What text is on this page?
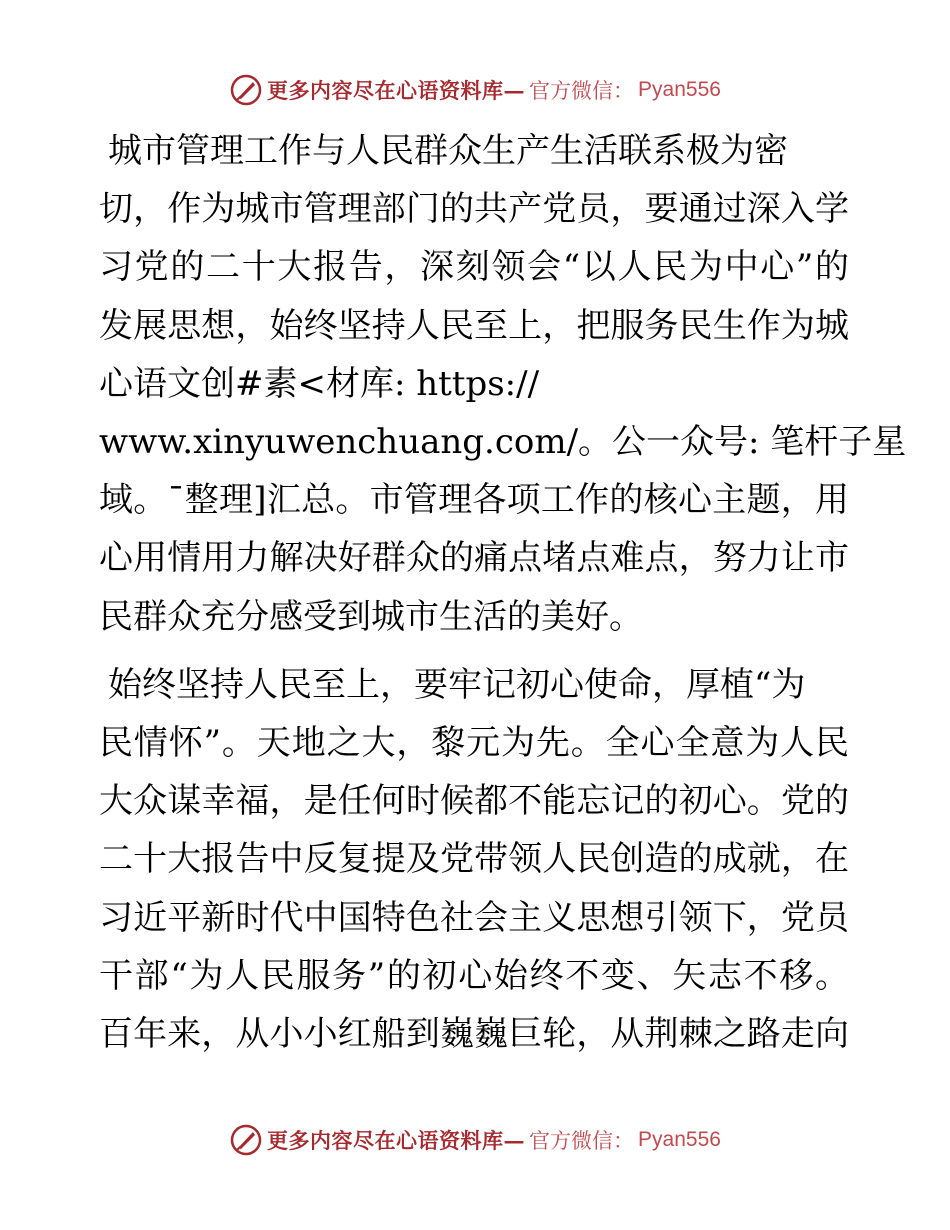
更多内容尽在心语资料库— 官方微信： Pyan556
城市管理工作与人民群众生产生活联系极为密
切，作为城市管理部门的共产党员，要通过深入学
习党的二十大报告，深刻领会“以人民为中心”的
发展思想，始终坚持人民至上，把服务民生作为城
心语文创#素<材库: https://
www.xinyuwenchuang.com/。公一众号: 笔杆子星
域。¯整理]汇总。市管理各项工作的核心主题，用
心用情用力解决好群众的痛点堵点难点，努力让市
民群众充分感受到城市生活的美好。
始终坚持人民至上，要牢记初心使命，厚植“为
民情怀”。天地之大，黎元为先。全心全意为人民
大众谋幸福，是任何时候都不能忘记的初心。党的
二十大报告中反复提及党带领人民创造的成就，在
习近平新时代中国特色社会主义思想引领下，党员
干部“为人民服务”的初心始终不变、矢志不移。
百年来，从小小红船到巍巍巨轮，从荆棘之路走向
更多内容尽在心语资料库— 官方微信： Pyan556
